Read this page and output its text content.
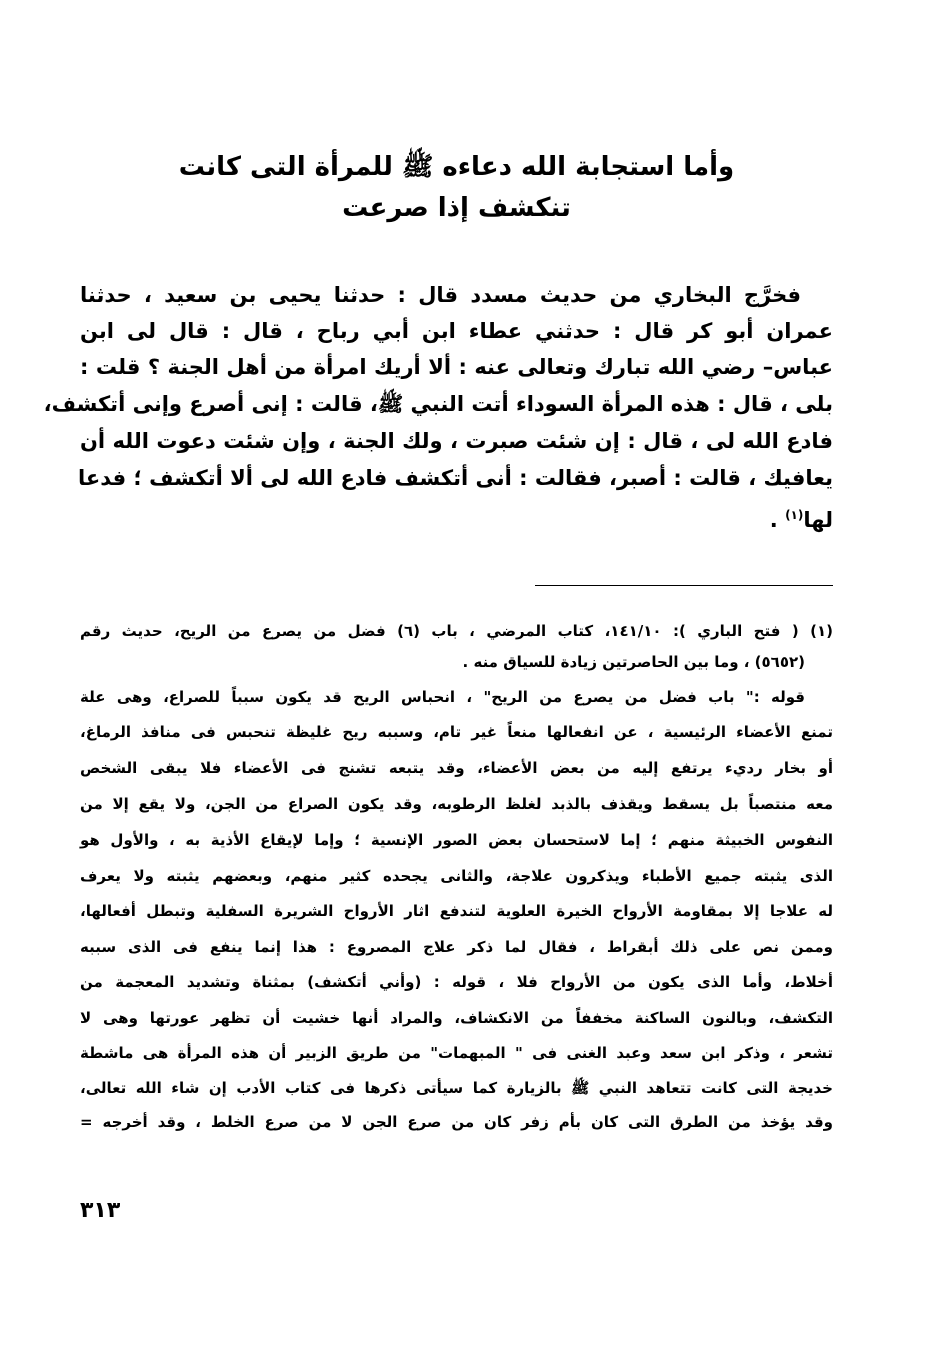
وأما استجابة الله دعاءه ﷺ للمرأة التى كانت
تنكشف إذا صرعت
فخرَّج البخاري من حديث مسدد قال : حدثنا يحيى بن سعيد ، حدثنا
عمران أبو كر قال : حدثني عطاء ابن أبي رباح ، قال : قال لى ابن
عباس– رضي الله تبارك وتعالى عنه : ألا أريك امرأة من أهل الجنة ؟ قلت :
بلى ، قال : هذه المرأة السوداء أتت النبي ﷺ، قالت : إنى أصرع وإنى أتكشف،
فادع الله لى ، قال : إن شئت صبرت ، ولك الجنة ، وإن شئت دعوت الله أن
يعافيك ، قالت : أصبر، فقالت : أنى أتكشف فادع الله لى ألا أتكشف ؛ فدعا
لها$^{(١)}$ .
(١) ( فتح الباري ): ١٤١/١٠، كتاب المرضي ، باب (٦) فضل من يصرع من الريح، حديث رقم
(٥٦٥٢) ، وما بين الحاصرتين زيادة للسياق منه .
قوله :" باب فضل من يصرع من الريح" ، انحباس الريح قد يكون سبباً للصراع، وهى علة
تمنع الأعضاء الرئيسية ، عن انفعالها منعاً غير تام، وسببه ريح غليظة تنحبس فى منافذ الرماغ،
أو بخار رديء يرتفع إليه من بعض الأعضاء، وقد يتبعه تشنج فى الأعضاء فلا يبقى الشخص
معه منتصباً بل يسقط ويقذف بالذبد لغلظ الرطوبه، وقد يكون الصراع من الجن، ولا يقع إلا من
النفوس الخبيثة منهم ؛ إما لاستحسان بعض الصور الإنسية ؛ وإما لإيقاع الأذية به ، والأول هو
الذى يثبته جميع الأطباء ويذكرون علاجة، والثانى يجحده كثير منهم، وبعضهم يثبته ولا يعرف
له علاجا إلا بمقاومة الأرواح الخيرة العلوية لتندفع اثار الأرواح الشريرة السفلية وتبطل أفعالها،
وممن نص على ذلك أبقراط ، فقال لما ذكر علاج المصروع : هذا إنما ينفع فى الذى سببه
أخلاط، وأما الذى يكون من الأرواح فلا ، قوله : (وأني أتكشف) بمثناة وتشديد المعجمة من
التكشف، وبالنون الساكنة مخففاً من الانكشاف، والمراد أنها خشيت أن تظهر عورتها وهى لا
تشعر ، وذكر ابن سعد وعبد الغنى فى " المبهمات" من طريق الزبير أن هذه المرأة هى ماشطة
خديجة التى كانت تتعاهد النبي ﷺ بالزيارة كما سيأتى ذكرها فى كتاب الأدب إن شاء الله تعالى،
وقد يؤخذ من الطرق التى كان بأم زفر كان من صرع الجن لا من صرع الخلط ، وقد أخرجه =
٣١٣
